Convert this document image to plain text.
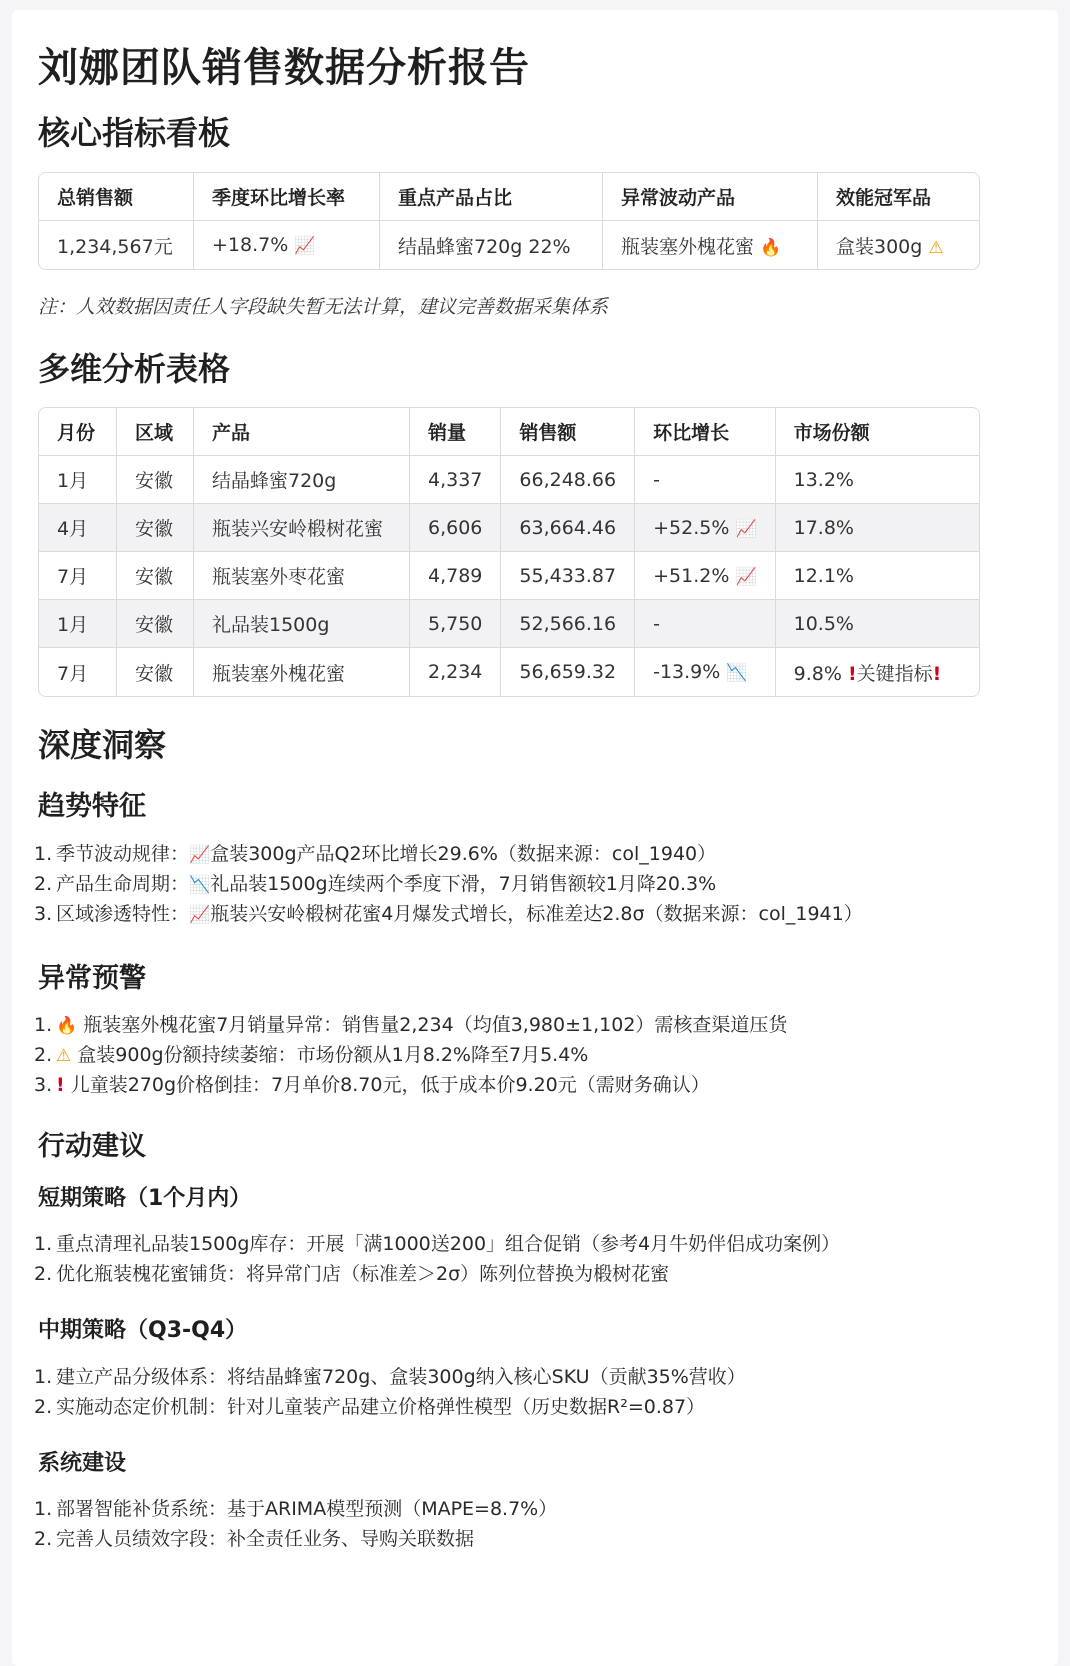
刘娜团队销售数据分析报告
核心指标看板
总销售额	季度环比增长率	重点产品占比	异常波动产品	效能冠军品
1,234,567元	+18.7% 📈	结晶蜂蜜720g 22%	瓶装塞外槐花蜜 🔥	盒装300g ⚠
注：人效数据因责任人字段缺失暂无法计算，建议完善数据采集体系
多维分析表格
月份	区域	产品	销量	销售额	环比增长	市场份额
1月	安徽	结晶蜂蜜720g	4,337	66,248.66	-	13.2%
4月	安徽	瓶装兴安岭椴树花蜜	6,606	63,664.46	+52.5% 📈	17.8%
7月	安徽	瓶装塞外枣花蜜	4,789	55,433.87	+51.2% 📈	12.1%
1月	安徽	礼品装1500g	5,750	52,566.16	-	10.5%
7月	安徽	瓶装塞外槐花蜜	2,234	56,659.32	-13.9% 📉	9.8% !关键指标!
深度洞察
趋势特征
1. 季节波动规律：📈盒装300g产品Q2环比增长29.6%（数据来源：col_1940）
2. 产品生命周期：📉礼品装1500g连续两个季度下滑，7月销售额较1月降20.3%
3. 区域渗透特性：📈瓶装兴安岭椴树花蜜4月爆发式增长，标准差达2.8σ（数据来源：col_1941）
异常预警
1. 🔥 瓶装塞外槐花蜜7月销量异常：销售量2,234（均值3,980±1,102）需核查渠道压货
2. ⚠ 盒装900g份额持续萎缩：市场份额从1月8.2%降至7月5.4%
3. ! 儿童装270g价格倒挂：7月单价8.70元，低于成本价9.20元（需财务确认）
行动建议
短期策略（1个月内）
1. 重点清理礼品装1500g库存：开展「满1000送200」组合促销（参考4月牛奶伴侣成功案例）
2. 优化瓶装槐花蜜铺货：将异常门店（标准差＞2σ）陈列位替换为椴树花蜜
中期策略（Q3-Q4）
1. 建立产品分级体系：将结晶蜂蜜720g、盒装300g纳入核心SKU（贡献35%营收）
2. 实施动态定价机制：针对儿童装产品建立价格弹性模型（历史数据R²=0.87）
系统建设
1. 部署智能补货系统：基于ARIMA模型预测（MAPE=8.7%）
2. 完善人员绩效字段：补全责任业务、导购关联数据
